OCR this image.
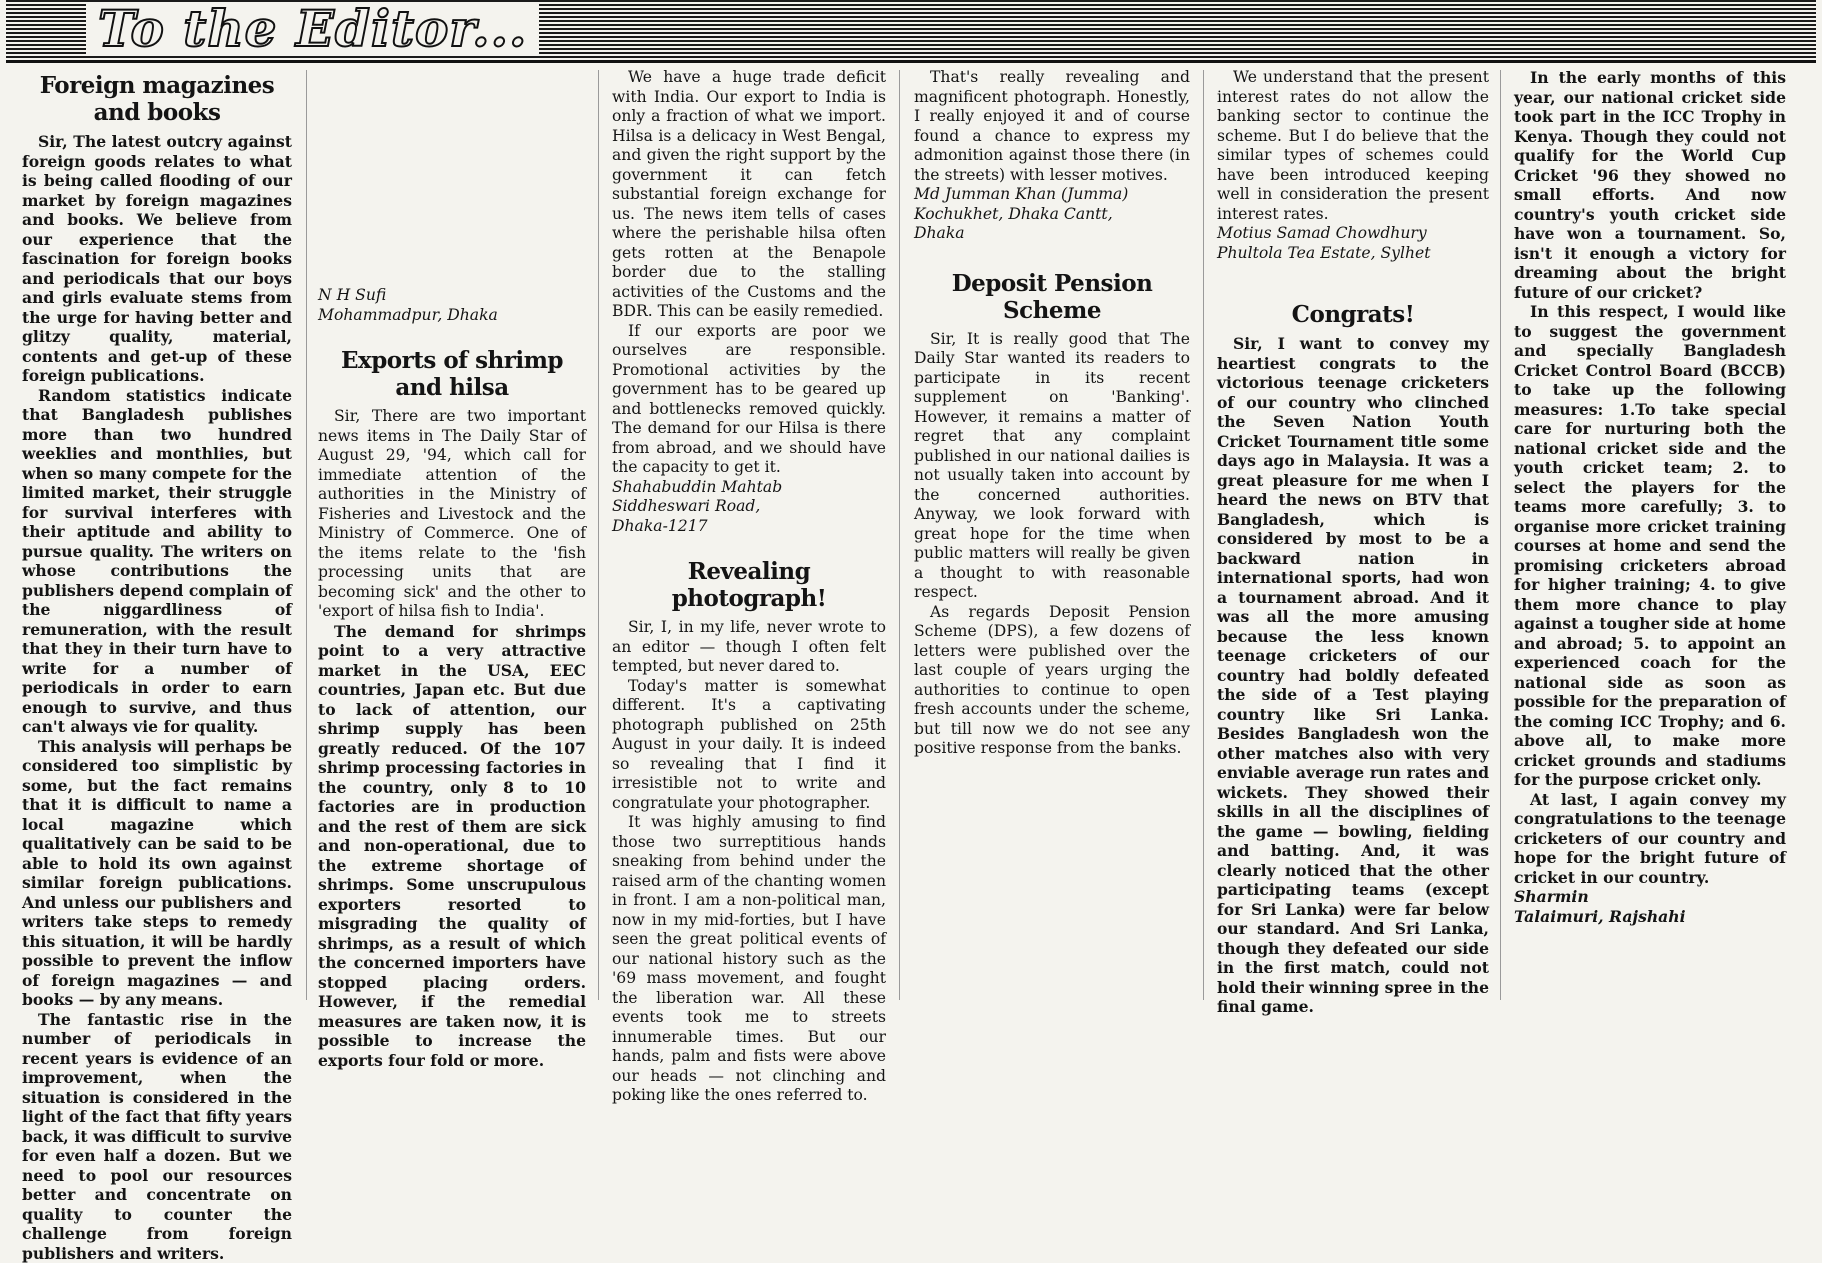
To the Editor...
Foreign magazines and books

Sir, The latest outcry against foreign goods relates to what is being called flooding of our market by foreign magazines and books. We believe from our experience that the fascination for foreign books and periodicals that our boys and girls evaluate stems from the urge for having better and glitzy quality, material, contents and get-up of these foreign publications.

Random statistics indicate that Bangladesh publishes more than two hundred weeklies and monthlies, but when so many compete for the limited market, their struggle for survival interferes with their aptitude and ability to pursue quality. The writers on whose contributions the publishers depend complain of the niggardliness of remuneration, with the result that they in their turn have to write for a number of periodicals in order to earn enough to survive, and thus can't always vie for quality.

This analysis will perhaps be considered too simplistic by some, but the fact remains that it is difficult to name a local magazine which qualitatively can be said to be able to hold its own against similar foreign publications. And unless our publishers and writers take steps to remedy this situation, it will be hardly possible to prevent the inflow of foreign magazines — and books — by any means.

The fantastic rise in the number of periodicals in recent years is evidence of an improvement, when the situation is considered in the light of the fact that fifty years back, it was difficult to survive for even half a dozen. But we need to pool our resources better and concentrate on quality to counter the challenge from foreign publishers and writers.

N H Sufi

Mohammadpur, Dhaka

Exports of shrimp and hilsa

Sir, There are two important news items in The Daily Star of August 29, '94, which call for immediate attention of the authorities in the Ministry of Fisheries and Livestock and the Ministry of Commerce. One of the items relate to the 'fish processing units that are becoming sick' and the other to 'export of hilsa fish to India'.

The demand for shrimps point to a very attractive market in the USA, EEC countries, Japan etc. But due to lack of attention, our shrimp supply has been greatly reduced. Of the 107 shrimp processing factories in the country, only 8 to 10 factories are in production and the rest of them are sick and non-operational, due to the extreme shortage of shrimps. Some unscrupulous exporters resorted to misgrading the quality of shrimps, as a result of which the concerned importers have stopped placing orders. However, if the remedial measures are taken now, it is possible to increase the exports four fold or more.

We have a huge trade deficit with India. Our export to India is only a fraction of what we import. Hilsa is a delicacy in West Bengal, and given the right support by the government it can fetch substantial foreign exchange for us. The news item tells of cases where the perishable hilsa often gets rotten at the Benapole border due to the stalling activities of the Customs and the BDR. This can be easily remedied.

If our exports are poor we ourselves are responsible. Promotional activities by the government has to be geared up and bottlenecks removed quickly. The demand for our Hilsa is there from abroad, and we should have the capacity to get it.

Shahabuddin Mahtab

Siddheswari Road,

Dhaka-1217

Revealing photograph!

Sir, I, in my life, never wrote to an editor — though I often felt tempted, but never dared to.

Today's matter is somewhat different. It's a captivating photograph published on 25th August in your daily. It is indeed so revealing that I find it irresistible not to write and congratulate your photographer.

It was highly amusing to find those two surreptitious hands sneaking from behind under the raised arm of the chanting women in front. I am a non-political man, now in my mid-forties, but I have seen the great political events of our national history such as the '69 mass movement, and fought the liberation war. All these events took me to streets innumerable times. But our hands, palm and fists were above our heads — not clinching and poking like the ones referred to.

That's really revealing and magnificent photograph. Honestly, I really enjoyed it and of course found a chance to express my admonition against those there (in the streets) with lesser motives.

Md Jumman Khan (Jumma)

Kochukhet, Dhaka Cantt,

Dhaka

Deposit Pension Scheme

Sir, It is really good that The Daily Star wanted its readers to participate in its recent supplement on 'Banking'. However, it remains a matter of regret that any complaint published in our national dailies is not usually taken into account by the concerned authorities. Anyway, we look forward with great hope for the time when public matters will really be given a thought to with reasonable respect.

As regards Deposit Pension Scheme (DPS), a few dozens of letters were published over the last couple of years urging the authorities to continue to open fresh accounts under the scheme, but till now we do not see any positive response from the banks.

We understand that the present interest rates do not allow the banking sector to continue the scheme. But I do believe that the similar types of schemes could have been introduced keeping well in consideration the present interest rates.

Motius Samad Chowdhury

Phultola Tea Estate, Sylhet

Congrats!

Sir, I want to convey my heartiest congrats to the victorious teenage cricketers of our country who clinched the Seven Nation Youth Cricket Tournament title some days ago in Malaysia. It was a great pleasure for me when I heard the news on BTV that Bangladesh, which is considered by most to be a backward nation in international sports, had won a tournament abroad. And it was all the more amusing because the less known teenage cricketers of our country had boldly defeated the side of a Test playing country like Sri Lanka. Besides Bangladesh won the other matches also with very enviable average run rates and wickets. They showed their skills in all the disciplines of the game — bowling, fielding and batting. And, it was clearly noticed that the other participating teams (except for Sri Lanka) were far below our standard. And Sri Lanka, though they defeated our side in the first match, could not hold their winning spree in the final game.

In the early months of this year, our national cricket side took part in the ICC Trophy in Kenya. Though they could not qualify for the World Cup Cricket '96 they showed no small efforts. And now country's youth cricket side have won a tournament. So, isn't it enough a victory for dreaming about the bright future of our cricket?

In this respect, I would like to suggest the government and specially Bangladesh Cricket Control Board (BCCB) to take up the following measures: 1.To take special care for nurturing both the national cricket side and the youth cricket team; 2. to select the players for the teams more carefully; 3. to organise more cricket training courses at home and send the promising cricketers abroad for higher training; 4. to give them more chance to play against a tougher side at home and abroad; 5. to appoint an experienced coach for the national side as soon as possible for the preparation of the coming ICC Trophy; and 6. above all, to make more cricket grounds and stadiums for the purpose cricket only.

At last, I again convey my congratulations to the teenage cricketers of our country and hope for the bright future of cricket in our country.

Sharmin

Talaimuri, Rajshahi
